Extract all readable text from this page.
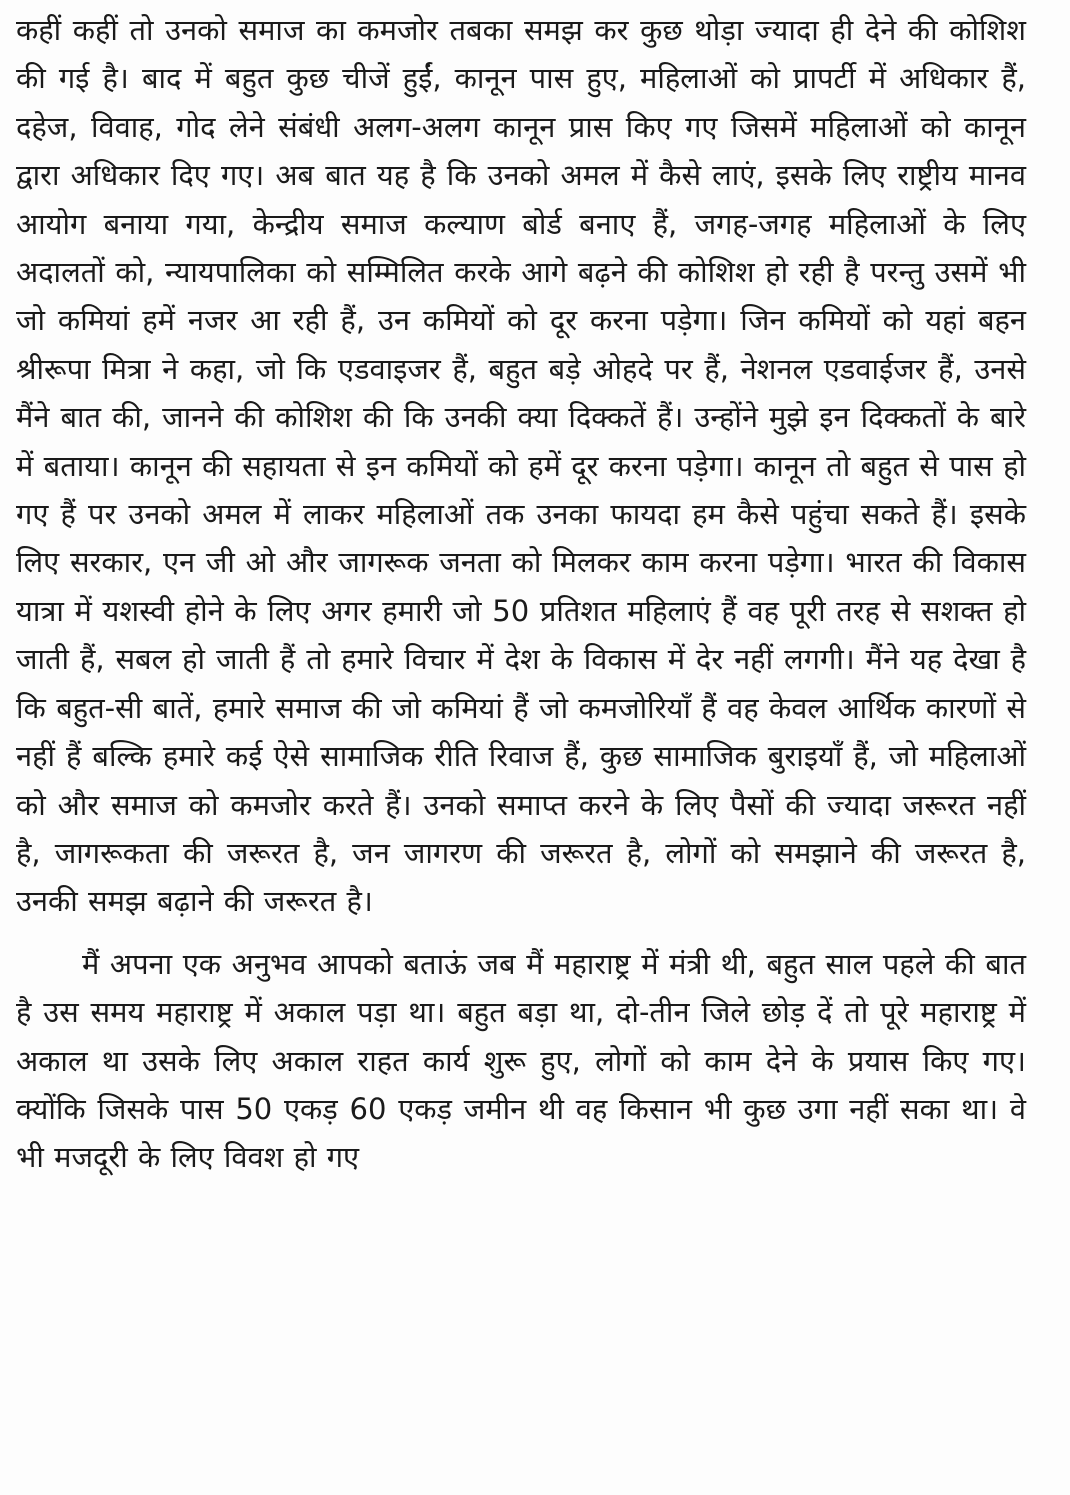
कहीं कहीं तो उनको समाज का कमजोर तबका समझ कर कुछ थोड़ा ज्यादा ही देने की कोशिश की गई है। बाद में बहुत कुछ चीजें हुईं, कानून पास हुए, महिलाओं को प्रापर्टी में अधिकार हैं, दहेज, विवाह, गोद लेने संबंधी अलग-अलग कानून प्रास किए गए जिसमें महिलाओं को कानून द्वारा अधिकार दिए गए। अब बात यह है कि उनको अमल में कैसे लाएं, इसके लिए राष्ट्रीय मानव आयोग बनाया गया, केन्द्रीय समाज कल्याण बोर्ड बनाए हैं, जगह-जगह महिलाओं के लिए अदालतों को, न्यायपालिका को सम्मिलित करके आगे बढ़ने की कोशिश हो रही है परन्तु उसमें भी जो कमियां हमें नजर आ रही हैं, उन कमियों को दूर करना पड़ेगा। जिन कमियों को यहां बहन श्रीरूपा मित्रा ने कहा, जो कि एडवाइजर हैं, बहुत बड़े ओहदे पर हैं, नेशनल एडवाईजर हैं, उनसे मैंने बात की, जानने की कोशिश की कि उनकी क्या दिक्कतें हैं। उन्होंने मुझे इन दिक्कतों के बारे में बताया। कानून की सहायता से इन कमियों को हमें दूर करना पड़ेगा। कानून तो बहुत से पास हो गए हैं पर उनको अमल में लाकर महिलाओं तक उनका फायदा हम कैसे पहुंचा सकते हैं। इसके लिए सरकार, एन जी ओ और जागरूक जनता को मिलकर काम करना पड़ेगा। भारत की विकास यात्रा में यशस्वी होने के लिए अगर हमारी जो 50 प्रतिशत महिलाएं हैं वह पूरी तरह से सशक्त हो जाती हैं, सबल हो जाती हैं तो हमारे विचार में देश के विकास में देर नहीं लगगी। मैंने यह देखा है कि बहुत-सी बातें, हमारे समाज की जो कमियां हैं जो कमजोरियाँ हैं वह केवल आर्थिक कारणों से नहीं हैं बल्कि हमारे कई ऐसे सामाजिक रीति रिवाज हैं, कुछ सामाजिक बुराइयाँ हैं, जो महिलाओं को और समाज को कमजोर करते हैं। उनको समाप्त करने के लिए पैसों की ज्यादा जरूरत नहीं है, जागरूकता की जरूरत है, जन जागरण की जरूरत है, लोगों को समझाने की जरूरत है, उनकी समझ बढ़ाने की जरूरत है।

मैं अपना एक अनुभव आपको बताऊं जब मैं महाराष्ट्र में मंत्री थी, बहुत साल पहले की बात है उस समय महाराष्ट्र में अकाल पड़ा था। बहुत बड़ा था, दो-तीन जिले छोड़ दें तो पूरे महाराष्ट्र में अकाल था उसके लिए अकाल राहत कार्य शुरू हुए, लोगों को काम देने के प्रयास किए गए। क्योंकि जिसके पास 50 एकड़ 60 एकड़ जमीन थी वह किसान भी कुछ उगा नहीं सका था। वे भी मजदूरी के लिए विवश हो गए
